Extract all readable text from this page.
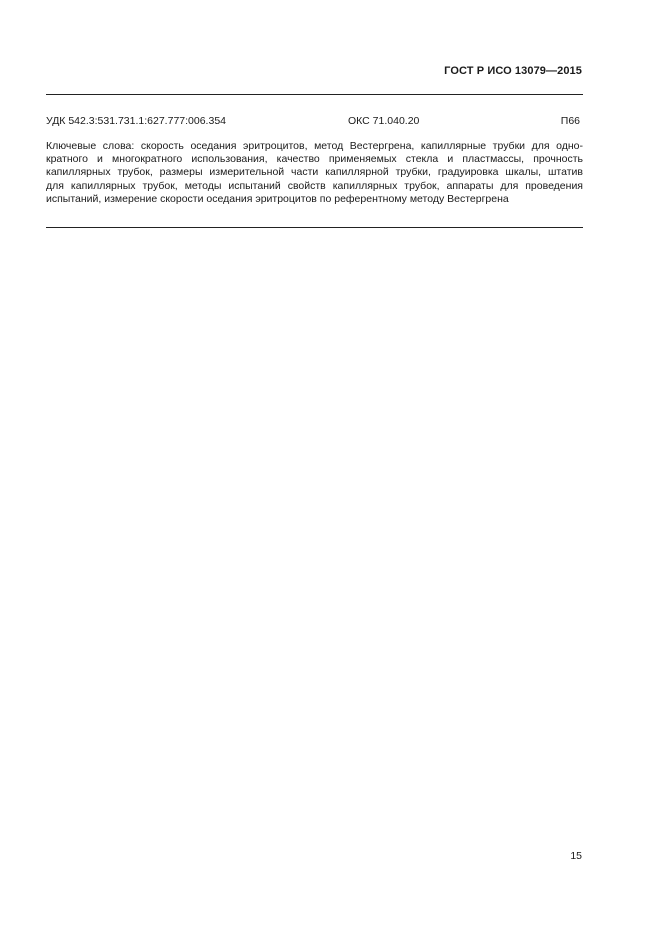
ГОСТ Р ИСО 13079—2015
УДК 542.3:531.731.1:627.777:006.354	ОКС 71.040.20	П66
Ключевые слова: скорость оседания эритроцитов, метод Вестергрена, капиллярные трубки для одно-
кратного и многократного использования, качество применяемых стекла и пластмассы, прочность
капиллярных трубок, размеры измерительной части капиллярной трубки, градуировка шкалы, штатив
для капиллярных трубок, методы испытаний свойств капиллярных трубок, аппараты для проведения
испытаний, измерение скорости оседания эритроцитов по референтному методу Вестергрена
15
